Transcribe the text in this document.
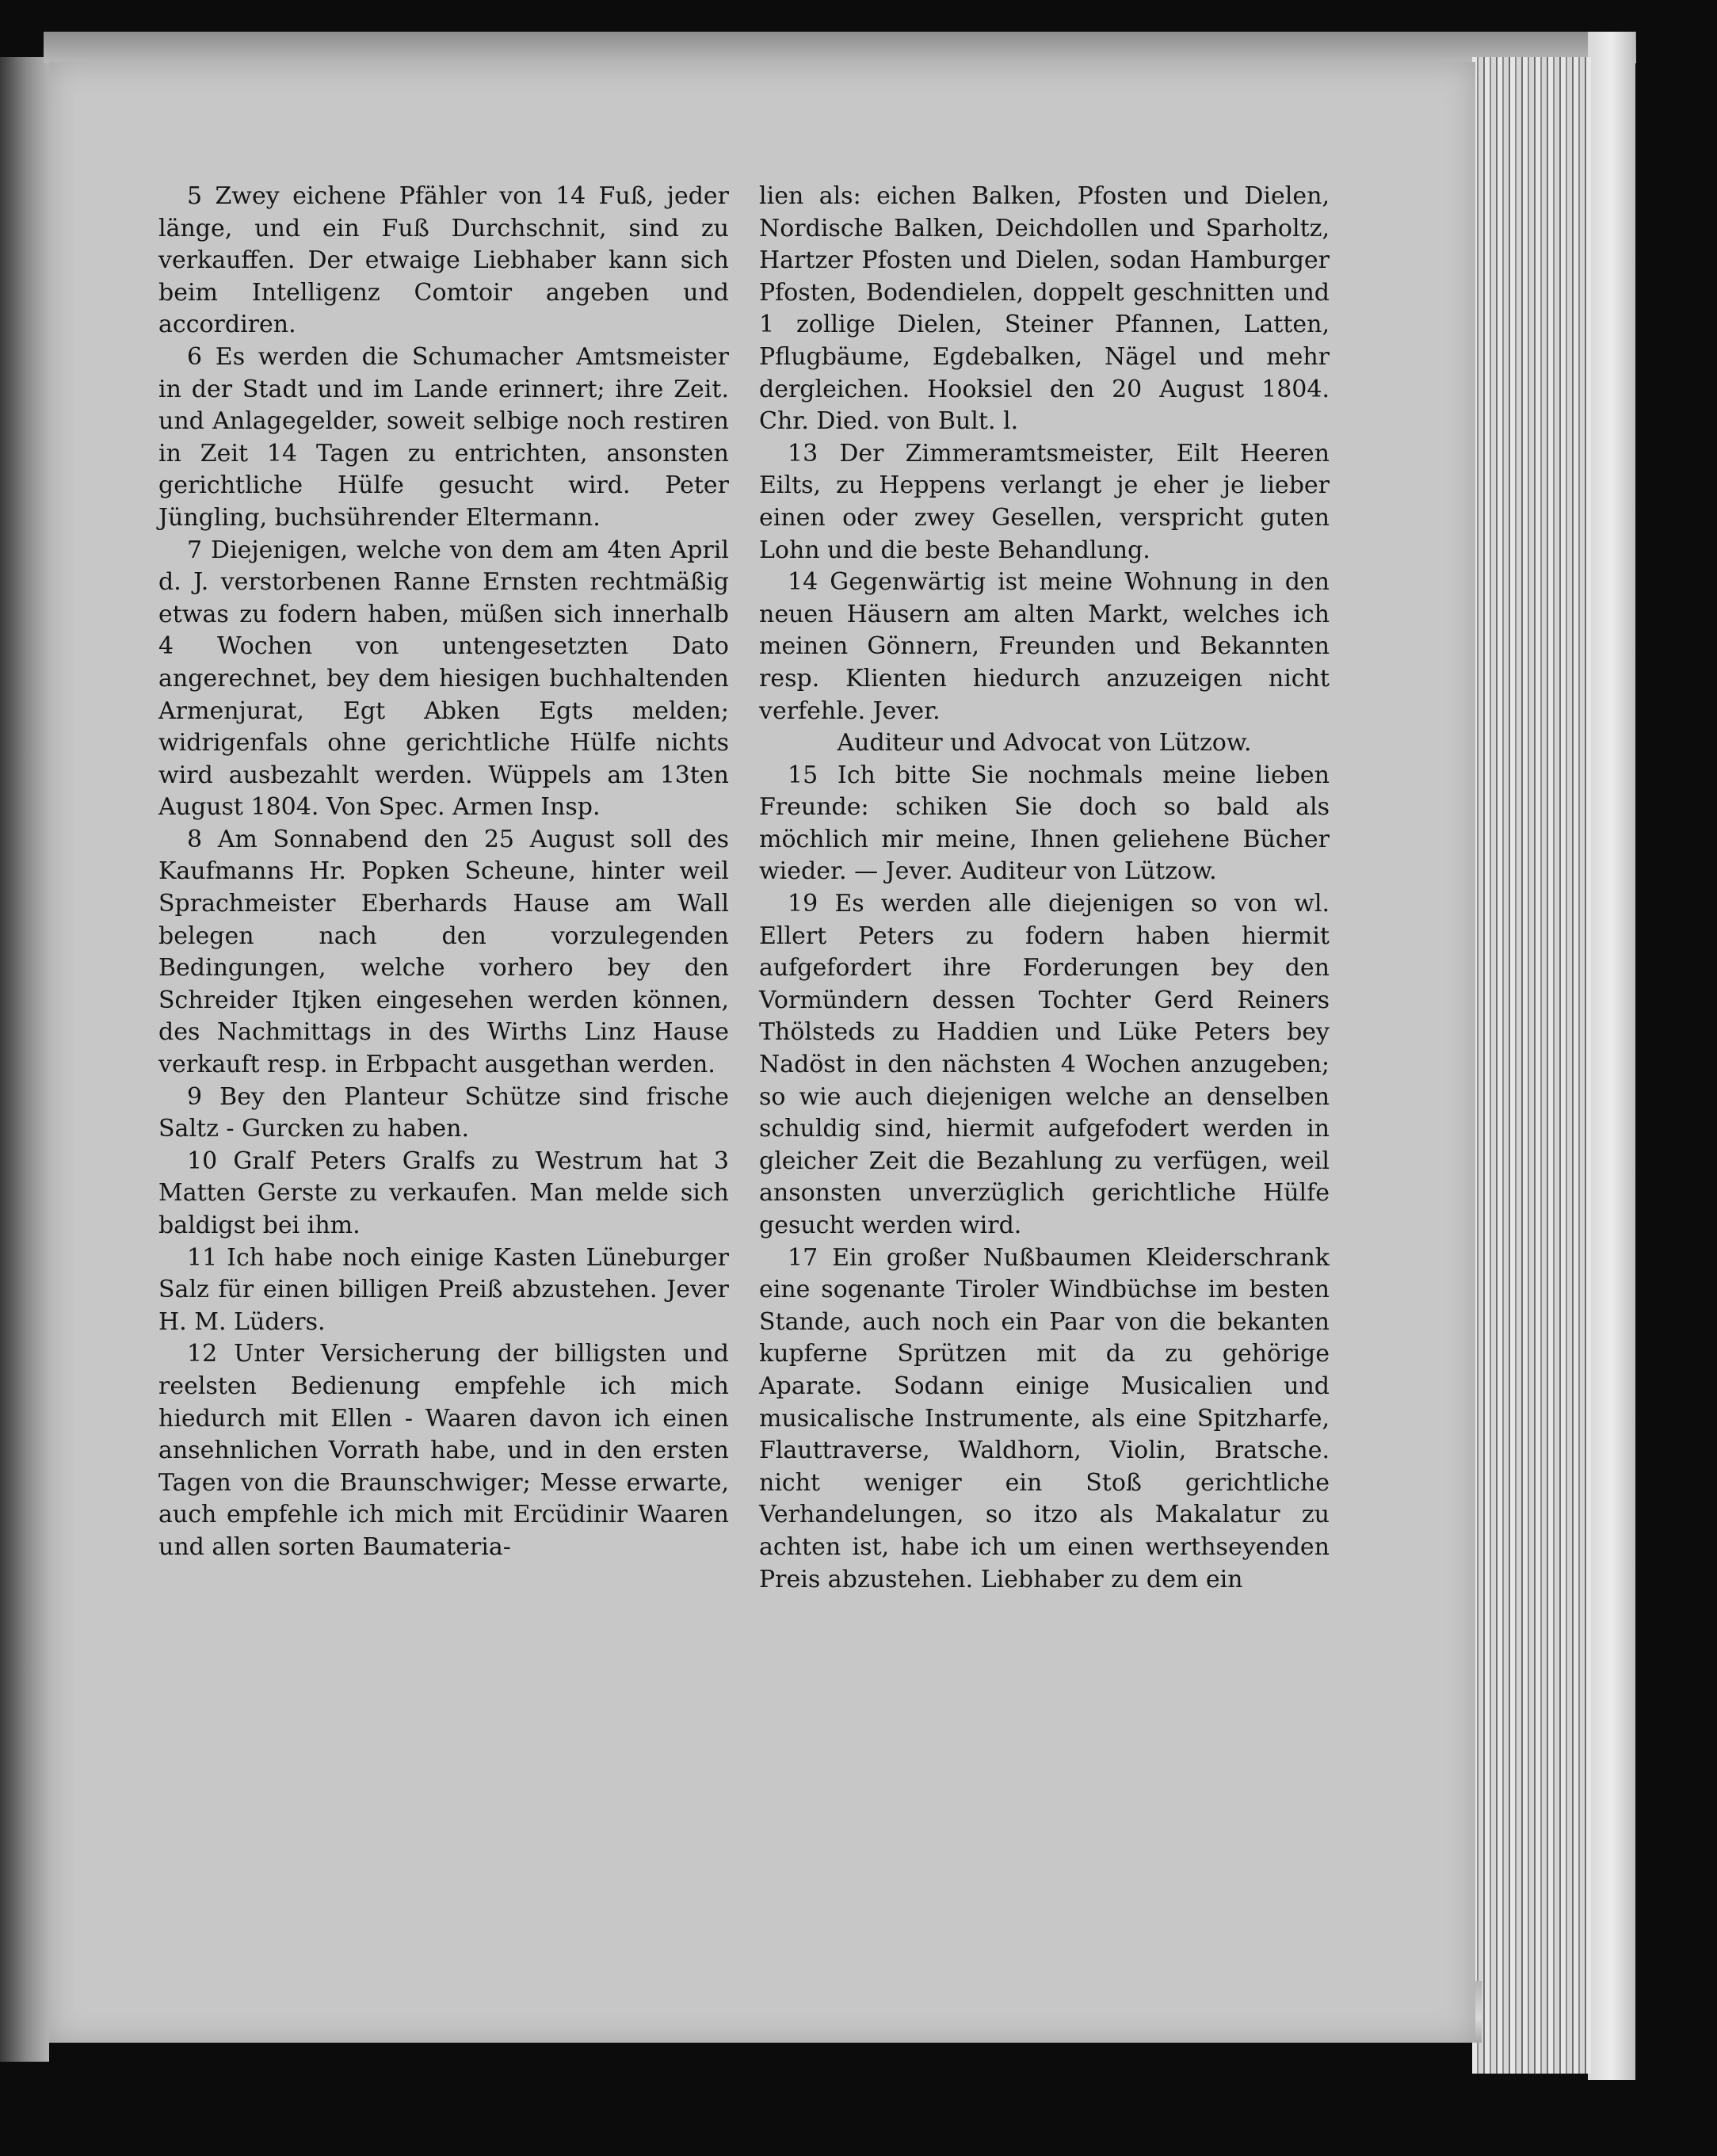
5 Zwey eichene Pfähler von 14 Fuß, jeder länge, und ein Fuß Durchschnit, sind zu verkauffen. Der etwaige Liebhaber kann sich beim Intelligenz Comtoir angeben und accordiren.

6 Es werden die Schumacher Amtsmeister in der Stadt und im Lande erinnert; ihre Zeit. und Anlagegelder, soweit selbige noch restiren in Zeit 14 Tagen zu entrichten, ansonsten gerichtliche Hülfe gesucht wird. Peter Jüngling, buchsührender Eltermann.

7 Diejenigen, welche von dem am 4ten April d. J. verstorbenen Ranne Ernsten rechtmäßig etwas zu fodern haben, müßen sich innerhalb 4 Wochen von untengesetzten Dato angerechnet, bey dem hiesigen buchhaltenden Armenjurat, Egt Abken Egts melden; widrigenfals ohne gerichtliche Hülfe nichts wird ausbezahlt werden. Wüppels am 13ten August 1804. Von Spec. Armen Insp.

8 Am Sonnabend den 25 August soll des Kaufmanns Hr. Popken Scheune, hinter weil Sprachmeister Eberhards Hause am Wall belegen nach den vorzulegenden Bedingungen, welche vorhero bey den Schreider Itjken eingesehen werden können, des Nachmittags in des Wirths Linz Hause verkauft resp. in Erbpacht ausgethan werden.

9 Bey den Planteur Schütze sind frische Saltz - Gurcken zu haben.

10 Gralf Peters Gralfs zu Westrum hat 3 Matten Gerste zu verkaufen. Man melde sich baldigst bei ihm.

11 Ich habe noch einige Kasten Lüneburger Salz für einen billigen Preiß abzustehen. Jever H. M. Lüders.

12 Unter Versicherung der billigsten und reelsten Bedienung empfehle ich mich hiedurch mit Ellen - Waaren davon ich einen ansehnlichen Vorrath habe, und in den ersten Tagen von die Braunschwiger; Messe erwarte, auch empfehle ich mich mit Ercüdinir Waaren und allen sorten Baumateria-

lien als: eichen Balken, Pfosten und Dielen, Nordische Balken, Deichdollen und Sparholtz, Hartzer Pfosten und Dielen, sodan Hamburger Pfosten, Bodendielen, doppelt geschnitten und 1 zollige Dielen, Steiner Pfannen, Latten, Pflugbäume, Egdebalken, Nägel und mehr dergleichen. Hooksiel den 20 August 1804. Chr. Died. von Bult. l.

13 Der Zimmeramtsmeister, Eilt Heeren Eilts, zu Heppens verlangt je eher je lieber einen oder zwey Gesellen, verspricht guten Lohn und die beste Behandlung.

14 Gegenwärtig ist meine Wohnung in den neuen Häusern am alten Markt, welches ich meinen Gönnern, Freunden und Bekannten resp. Klienten hiedurch anzuzeigen nicht verfehle. Jever.

Auditeur und Advocat von Lützow.

15 Ich bitte Sie nochmals meine lieben Freunde: schiken Sie doch so bald als möchlich mir meine, Ihnen geliehene Bücher wieder. — Jever. Auditeur von Lützow.

19 Es werden alle diejenigen so von wl. Ellert Peters zu fodern haben hiermit aufgefordert ihre Forderungen bey den Vormündern dessen Tochter Gerd Reiners Thölsteds zu Haddien und Lüke Peters bey Nadöst in den nächsten 4 Wochen anzugeben; so wie auch diejenigen welche an denselben schuldig sind, hiermit aufgefodert werden in gleicher Zeit die Bezahlung zu verfügen, weil ansonsten unverzüglich gerichtliche Hülfe gesucht werden wird.

17 Ein großer Nußbaumen Kleiderschrank eine sogenante Tiroler Windbüchse im besten Stande, auch noch ein Paar von die bekanten kupferne Sprützen mit da zu gehörige Aparate. Sodann einige Musicalien und musicalische Instrumente, als eine Spitzharfe, Flauttraverse, Waldhorn, Violin, Bratsche. nicht weniger ein Stoß gerichtliche Verhandelungen, so itzo als Makalatur zu achten ist, habe ich um einen werthseyenden Preis abzustehen. Liebhaber zu dem ein
